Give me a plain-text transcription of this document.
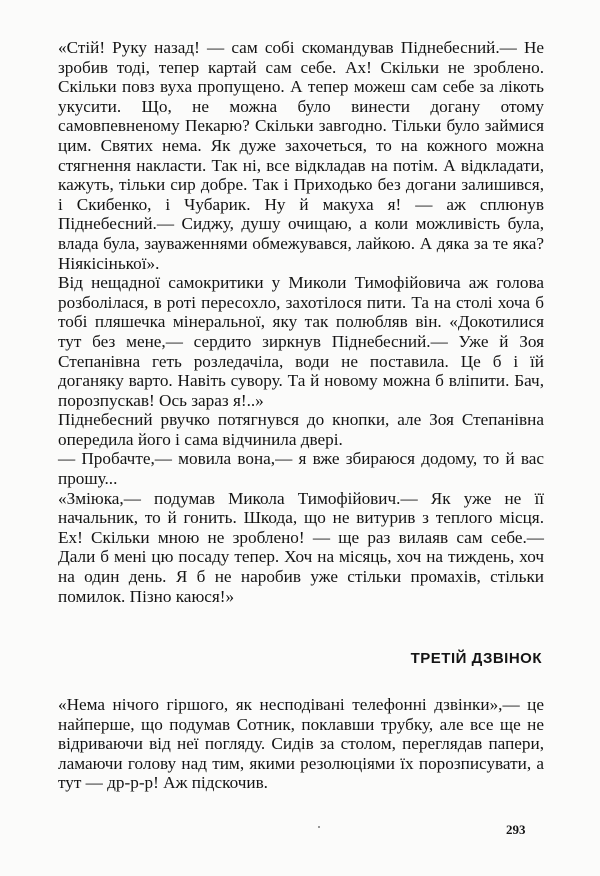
«Стій! Руку назад! — сам собі скомандував Піднебесний.— Не зробив тоді, тепер картай сам себе. Ах! Скільки не зроблено. Скільки повз вуха пропущено. А тепер можеш сам себе за лікоть укусити. Що, не можна було винести догану отому самовпевненому Пекарю? Скільки завгодно. Тільки було займися цим. Святих нема. Як дуже захочеться, то на кожного можна стягнення накласти. Так ні, все відкладав на потім. А відкладати, кажуть, тільки сир добре. Так і Приходько без догани залишився, і Скибенко, і Чубарик. Ну й макуха я! — аж сплюнув Піднебесний.— Сиджу, душу очищаю, а коли можливість була, влада була, зауваженнями обмежувався, лайкою. А дяка за те яка? Ніякісінької».

Від нещадної самокритики у Миколи Тимофійовича аж голова розболілася, в роті пересохло, захотілося пити. Та на столі хоча б тобі пляшечка мінеральної, яку так полюбляв він. «Докотилися тут без мене,— сердито зиркнув Піднебесний.— Уже й Зоя Степанівна геть розледачіла, води не поставила. Це б і їй доганяку варто. Навіть сувору. Та й новому можна б вліпити. Бач, порозпускав! Ось зараз я!..»

Піднебесний рвучко потягнувся до кнопки, але Зоя Степанівна опередила його і сама відчинила двері.

— Пробачте,— мовила вона,— я вже збираюся додому, то й вас прошу...

«Зміюка,— подумав Микола Тимофійович.— Як уже не її начальник, то й гонить. Шкода, що не витурив з теплого місця. Ех! Скільки мною не зроблено! — ще раз вилаяв сам себе.— Дали б мені цю посаду тепер. Хоч на місяць, хоч на тиждень, хоч на один день. Я б не наробив уже стільки промахів, стільки помилок. Пізно каюся!»

ТРЕТІЙ ДЗВІНОК

«Нема нічого гіршого, як несподівані телефонні дзвінки»,— це найперше, що подумав Сотник, поклавши трубку, але все ще не відриваючи від неї погляду. Сидів за столом, переглядав папери, ламаючи голову над тим, якими резолюціями їх порозписувати, а тут — др-р-р! Аж підскочив.

293
